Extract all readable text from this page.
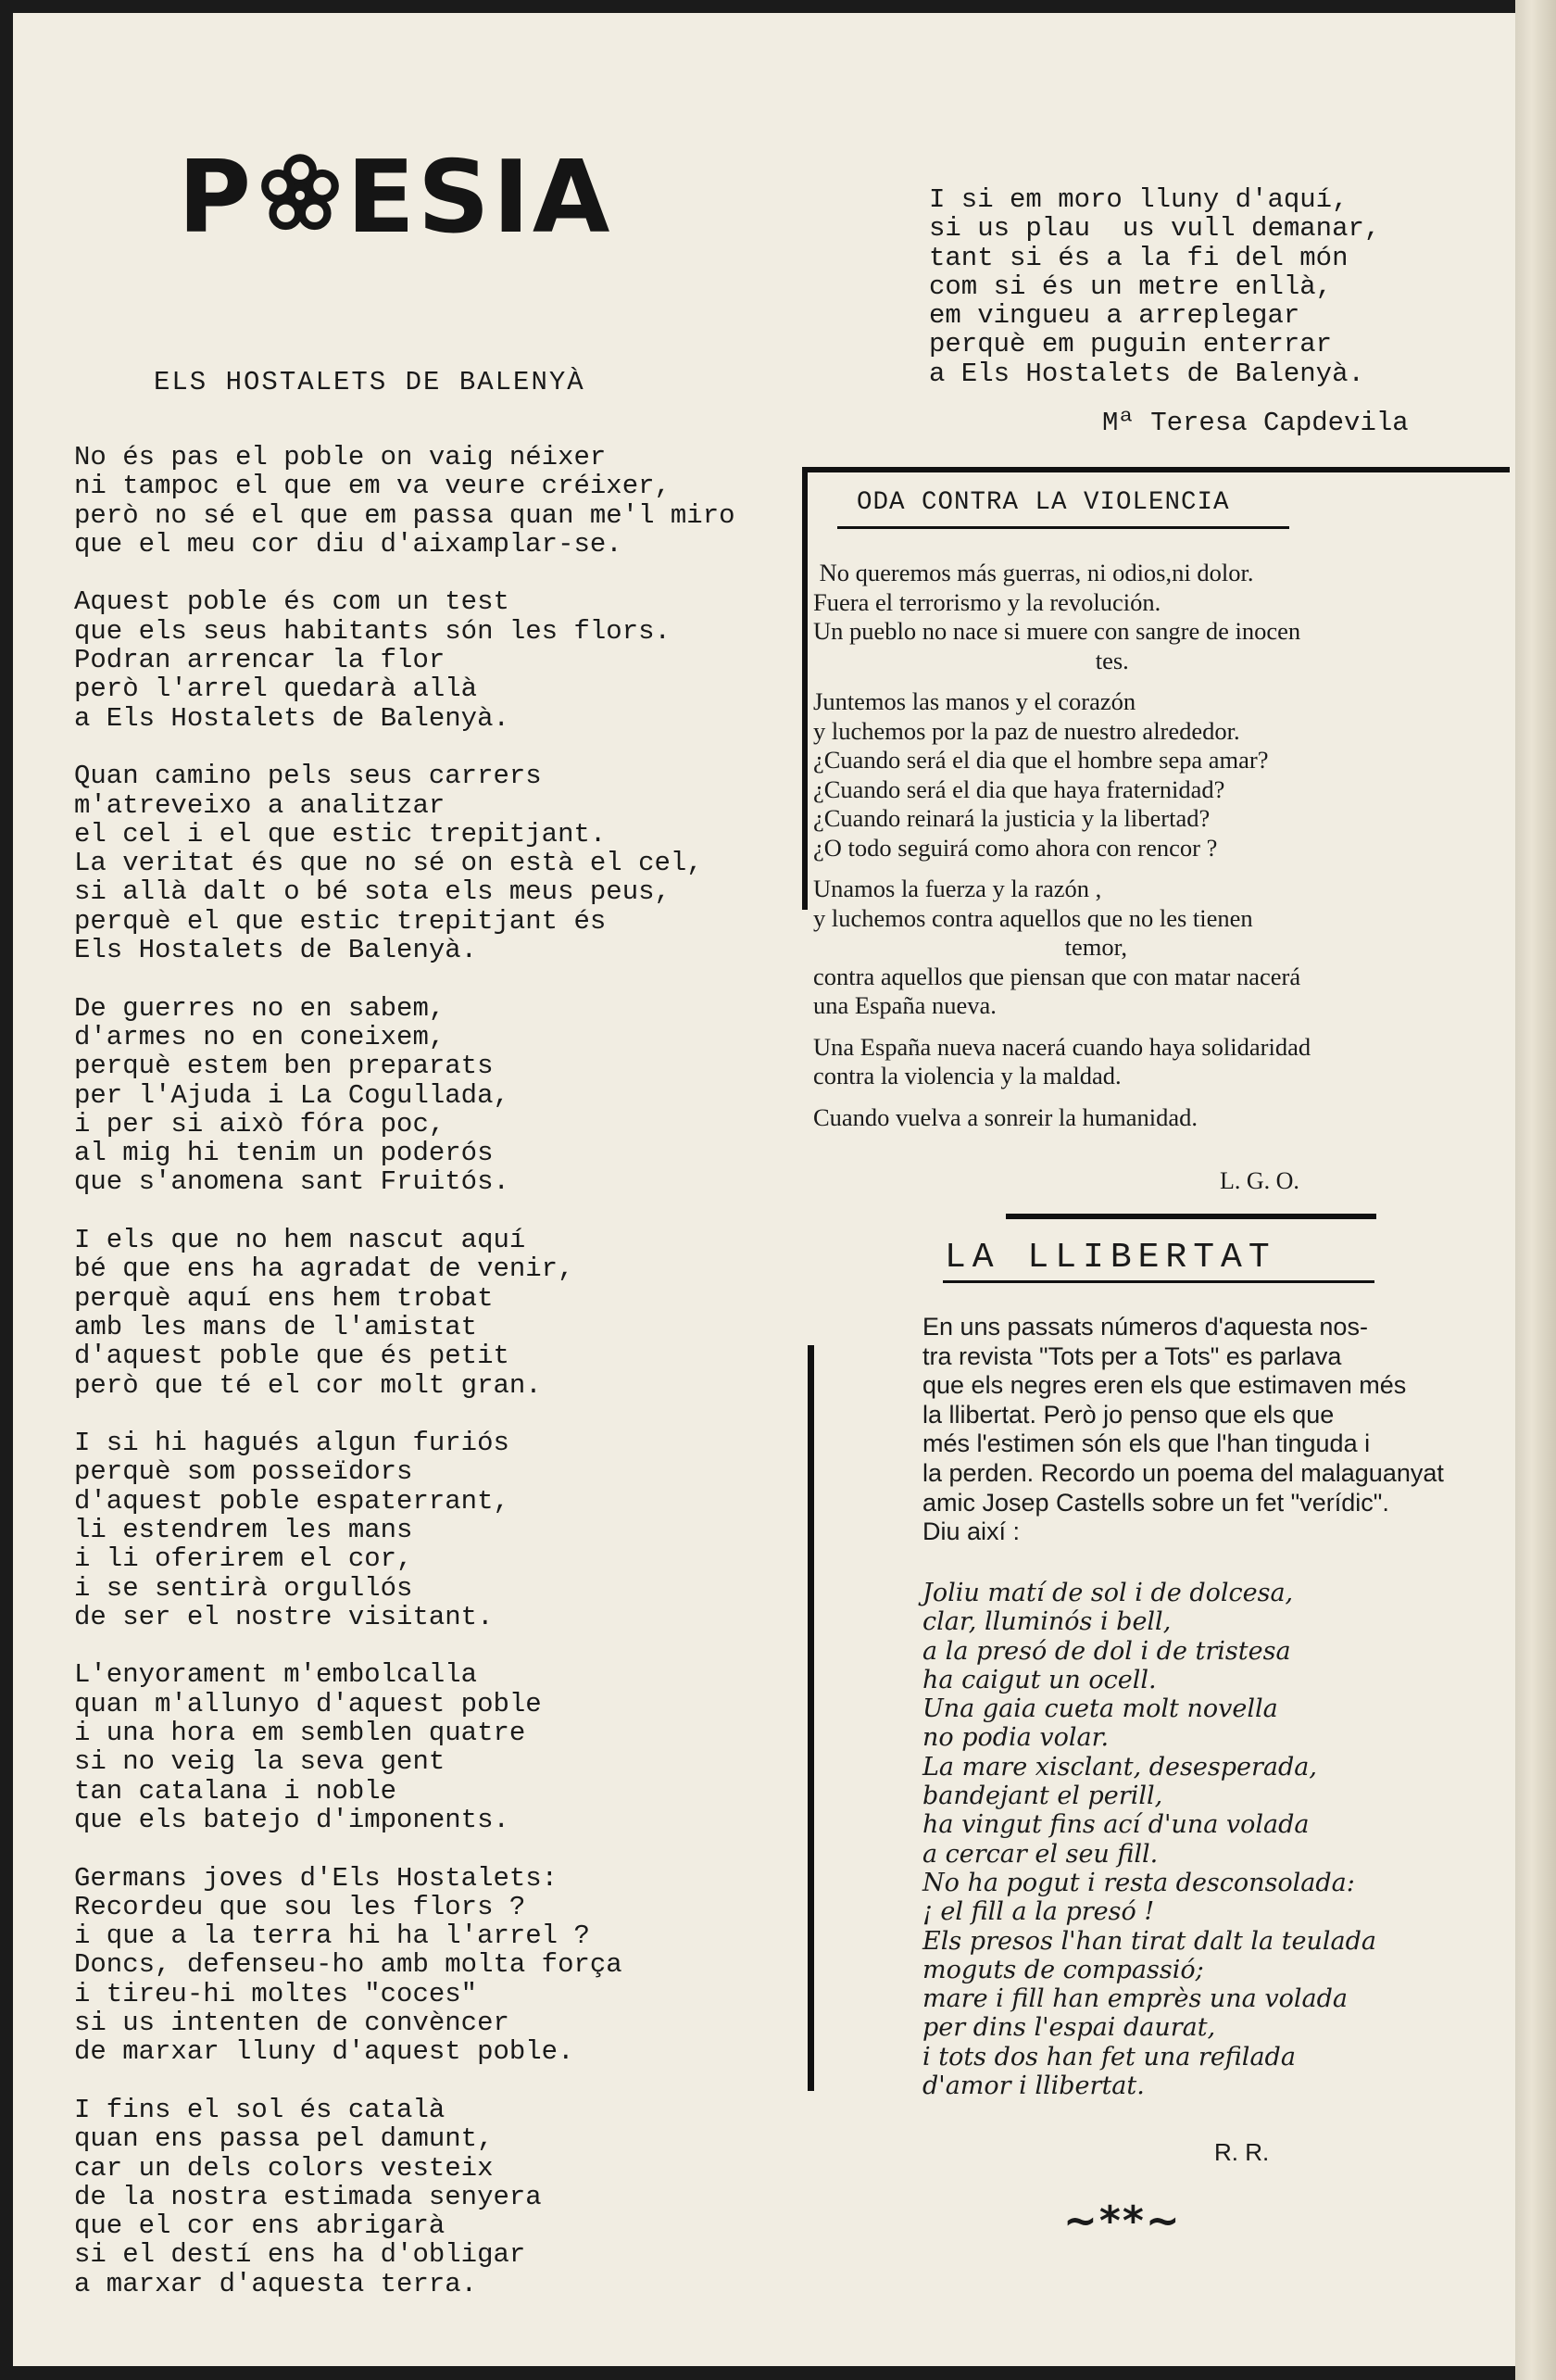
P ESIA
ELS HOSTALETS DE BALENYÀ
No és pas el poble on vaig néixer
ni tampoc el que em va veure créixer,
però no sé el que em passa quan me'l miro
que el meu cor diu d'aixamplar-se.

Aquest poble és com un test
que els seus habitants són les flors.
Podran arrencar la flor
però l'arrel quedarà allà
a Els Hostalets de Balenyà.

Quan camino pels seus carrers
m'atreveixo a analitzar
el cel i el que estic trepitjant.
La veritat és que no sé on està el cel,
si allà dalt o bé sota els meus peus,
perquè el que estic trepitjant és
Els Hostalets de Balenyà.

De guerres no en sabem,
d'armes no en coneixem,
perquè estem ben preparats
per l'Ajuda i La Cogullada,
i per si això fóra poc,
al mig hi tenim un poderós
que s'anomena sant Fruitós.

I els que no hem nascut aquí
bé que ens ha agradat de venir,
perquè aquí ens hem trobat
amb les mans de l'amistat
d'aquest poble que és petit
però que té el cor molt gran.

I si hi hagués algun furiós
perquè som posseïdors
d'aquest poble espaterrant,
li estendrem les mans
i li oferirem el cor,
i se sentirà orgullós
de ser el nostre visitant.

L'enyorament m'embolcalla
quan m'allunyo d'aquest poble
i una hora em semblen quatre
si no veig la seva gent
tan catalana i noble
que els batejo d'imponents.

Germans joves d'Els Hostalets:
Recordeu que sou les flors ?
i que a la terra hi ha l'arrel ?
Doncs, defenseu-ho amb molta força
i tireu-hi moltes "coces"
si us intenten de convèncer
de marxar lluny d'aquest poble.

I fins el sol és català
quan ens passa pel damunt,
car un dels colors vesteix
de la nostra estimada senyera
que el cor ens abrigarà
si el destí ens ha d'obligar
a marxar d'aquesta terra.
I si em moro lluny d'aquí,
si us plau  us vull demanar,
tant si és a la fi del món
com si és un metre enllà,
em vingueu a arreplegar
perquè em puguin enterrar
a Els Hostalets de Balenyà.
Mª Teresa Capdevila
ODA CONTRA LA VIOLENCIA
No queremos más guerras, ni odios,ni dolor.
Fuera el terrorismo y la revolución.
Un pueblo no nace si muere con sangre de inocen
tes.
Juntemos las manos y el corazón
y luchemos por la paz de nuestro alrededor.
¿Cuando será el dia que el hombre sepa amar?
¿Cuando será el dia que haya fraternidad?
¿Cuando reinará la justicia y la libertad?
¿O todo seguirá como ahora con rencor ?
Unamos la fuerza y la razón ,
y luchemos contra aquellos que no les tienen
temor,
contra aquellos que piensan que con matar nacerá
una España nueva.
Una España nueva nacerá cuando haya solidaridad
contra la violencia y la maldad.
Cuando vuelva a sonreir la humanidad.
L. G. O.
LA LLIBERTAT
En uns passats números d'aquesta nos-
tra revista "Tots per a Tots" es parlava
que els negres eren els que estimaven més
la llibertat. Però jo penso que els que
més l'estimen són els que l'han tinguda i
la perden. Recordo un poema del malaguanyat
amic Josep Castells sobre un fet "verídic".
Diu així :
Joliu matí de sol i de dolcesa,
clar, lluminós i bell,
a la presó de dol i de tristesa
ha caigut un ocell.
Una gaia cueta molt novella
no podia volar.
La mare xisclant, desesperada,
bandejant el perill,
ha vingut fins ací d'una volada
a cercar el seu fill.
No ha pogut i resta desconsolada:
¡ el fill a la presó !
Els presos l'han tirat dalt la teulada
moguts de compassió;
mare i fill han emprès una volada
per dins l'espai daurat,
i tots dos han fet una refilada
d'amor i llibertat.
R. R.
~**~
